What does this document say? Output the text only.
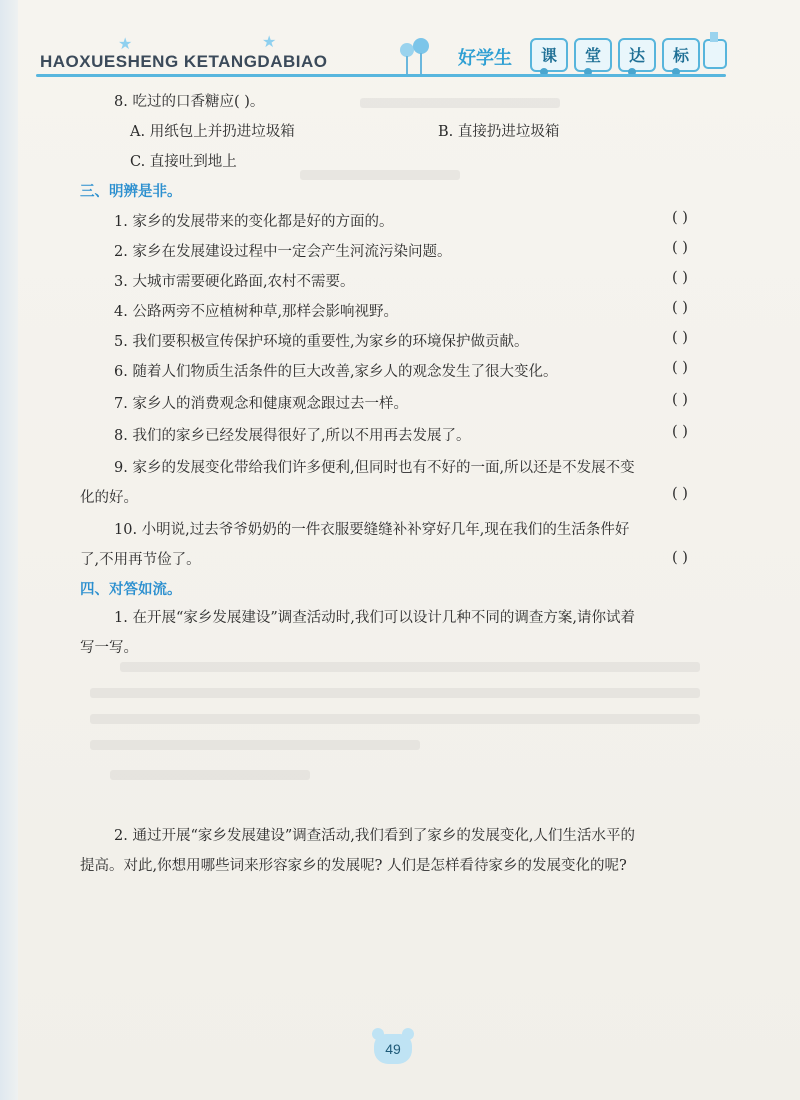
★	★
HAOXUESHENG KETANGDABIAO	好学生	课	堂	达	标
8. 吃过的口香糖应( )。
A. 用纸包上并扔进垃圾箱	B. 直接扔进垃圾箱
C. 直接吐到地上
三、明辨是非。
1. 家乡的发展带来的变化都是好的方面的。	( )
2. 家乡在发展建设过程中一定会产生河流污染问题。	( )
3. 大城市需要硬化路面,农村不需要。	( )
4. 公路两旁不应植树种草,那样会影响视野。	( )
5. 我们要积极宣传保护环境的重要性,为家乡的环境保护做贡献。	( )
6. 随着人们物质生活条件的巨大改善,家乡人的观念发生了很大变化。	( )
7. 家乡人的消费观念和健康观念跟过去一样。	( )
8. 我们的家乡已经发展得很好了,所以不用再去发展了。	( )
9. 家乡的发展变化带给我们许多便利,但同时也有不好的一面,所以还是不发展不变
化的好。	( )
10. 小明说,过去爷爷奶奶的一件衣服要缝缝补补穿好几年,现在我们的生活条件好
了,不用再节俭了。	( )
四、对答如流。
1. 在开展“家乡发展建设”调查活动时,我们可以设计几种不同的调查方案,请你试着
写一写。
2. 通过开展“家乡发展建设”调查活动,我们看到了家乡的发展变化,人们生活水平的
提高。对此,你想用哪些词来形容家乡的发展呢? 人们是怎样看待家乡的发展变化的呢?
49
